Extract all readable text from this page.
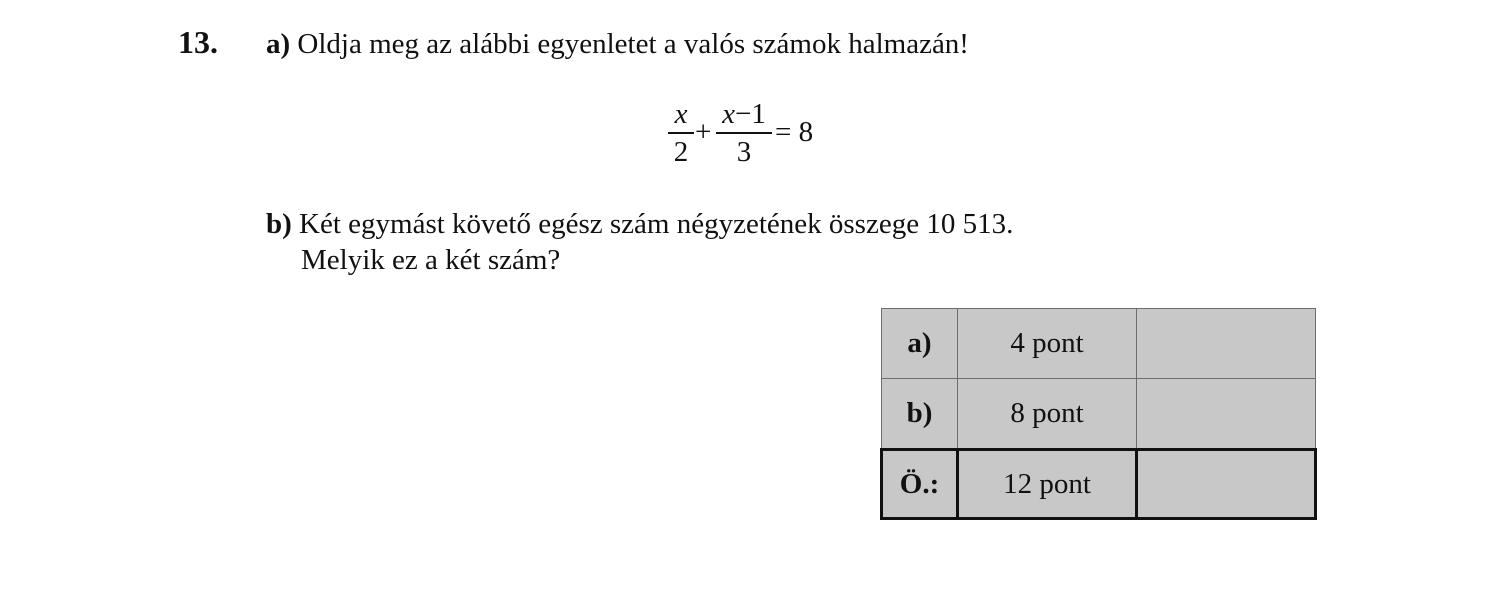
13. a) Oldja meg az alábbi egyenletet a valós számok halmazán!
x
2
+
x−1
3
= 8
b) Két egymást követő egész szám négyzetének összege 10 513.
Melyik ez a két szám?
a)	4 pont	
b)	8 pont	
Ö.:	12 pont	
